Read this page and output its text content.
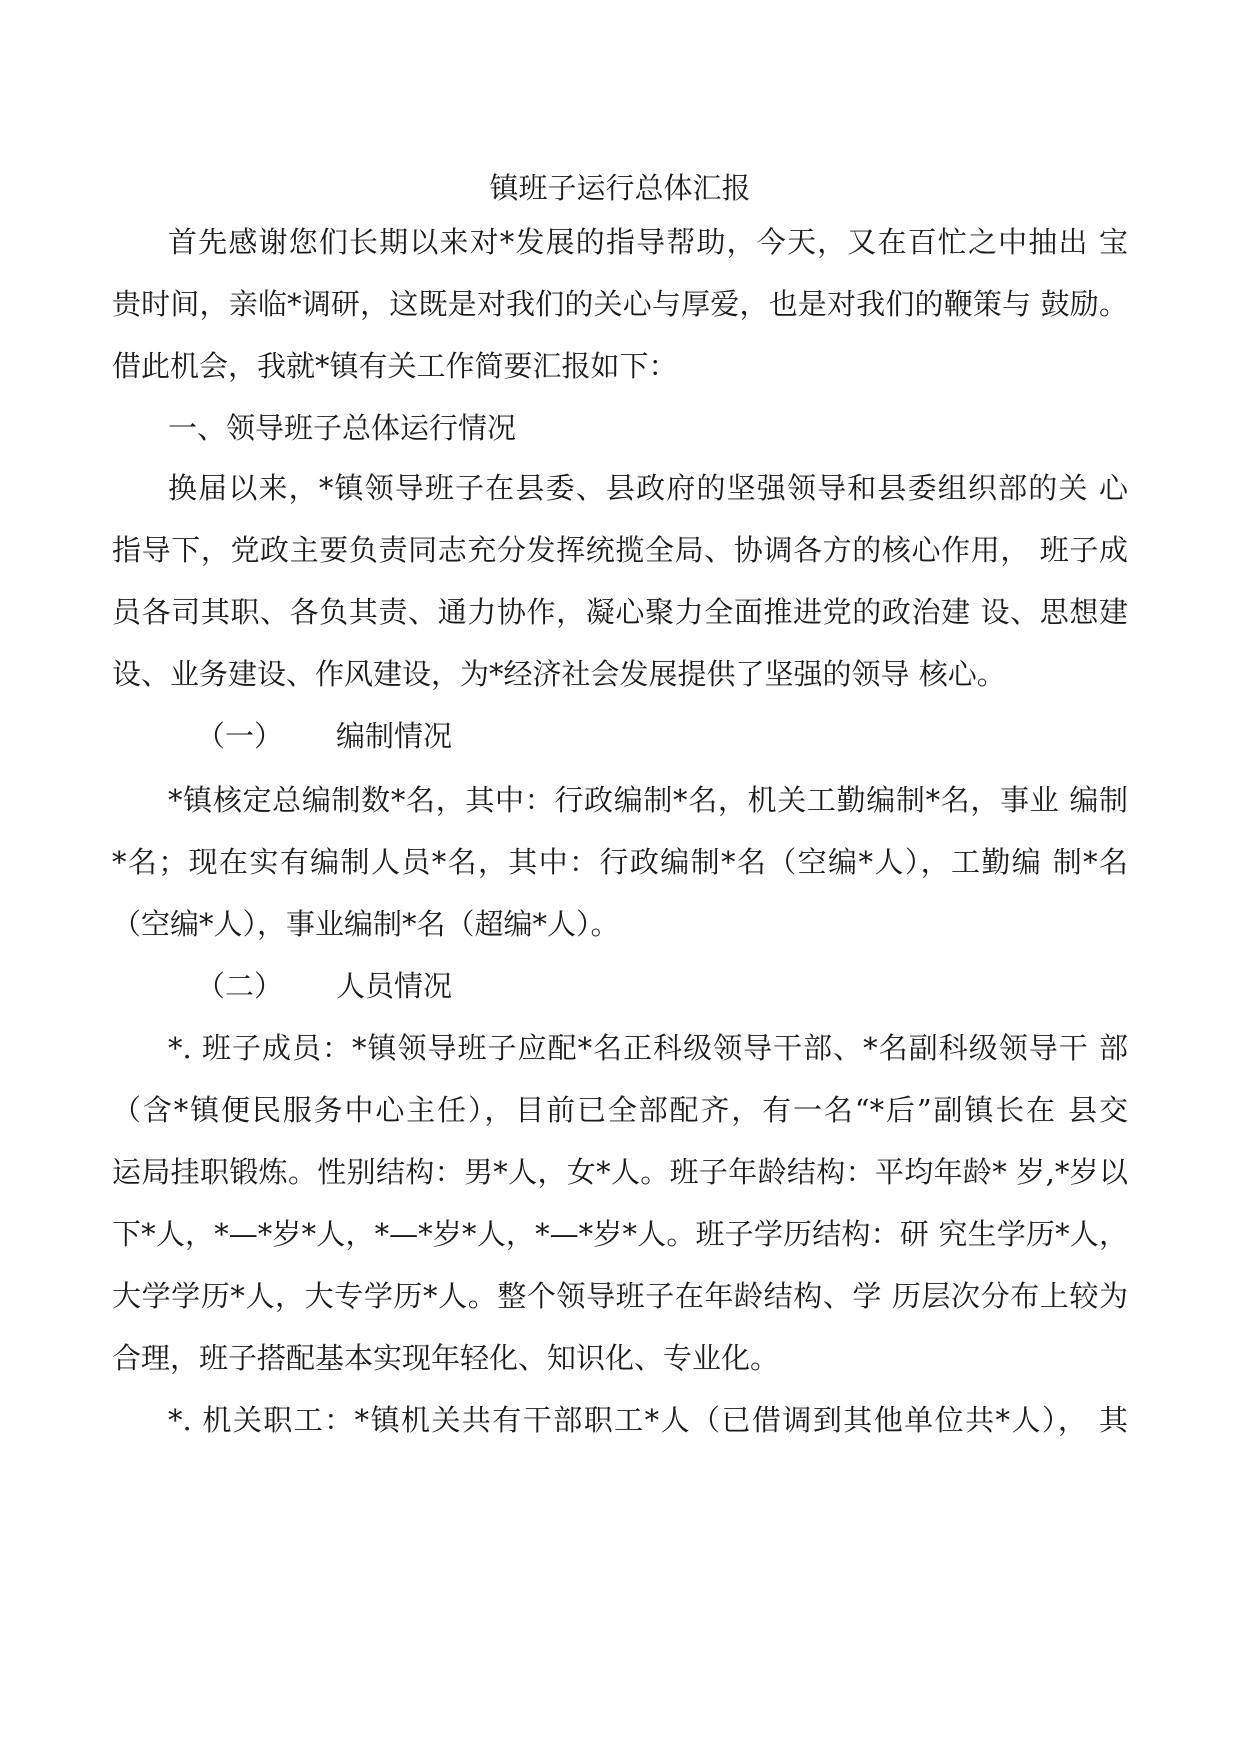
镇班子运行总体汇报
首先感谢您们长期以来对*发展的指导帮助，今天，又在百忙之中抽出 宝
贵时间，亲临*调研，这既是对我们的关心与厚爱，也是对我们的鞭策与 鼓励。
借此机会，我就*镇有关工作简要汇报如下：
一、领导班子总体运行情况
换届以来，*镇领导班子在县委、县政府的坚强领导和县委组织部的关 心
指导下，党政主要负责同志充分发挥统揽全局、协调各方的核心作用， 班子成
员各司其职、各负其责、通力协作，凝心聚力全面推进党的政治建 设、思想建
设、业务建设、作风建设，为*经济社会发展提供了坚强的领导 核心。
（一） 编制情况
*镇核定总编制数*名，其中：行政编制*名，机关工勤编制*名，事业 编制
*名；现在实有编制人员*名，其中：行政编制*名（空编*人），工勤编 制*名
（空编*人），事业编制*名（超编*人）。
（二） 人员情况
*. 班子成员：*镇领导班子应配*名正科级领导干部、*名副科级领导干 部
（含*镇便民服务中心主任），目前已全部配齐，有一名“*后”副镇长在 县交
运局挂职锻炼。性别结构：男*人，女*人。班子年龄结构：平均年龄* 岁,*岁以
下*人，*—*岁*人，*—*岁*人，*—*岁*人。班子学历结构：研 究生学历*人，
大学学历*人，大专学历*人。整个领导班子在年龄结构、学 历层次分布上较为
合理，班子搭配基本实现年轻化、知识化、专业化。
*. 机关职工：*镇机关共有干部职工*人（已借调到其他单位共*人）， 其
